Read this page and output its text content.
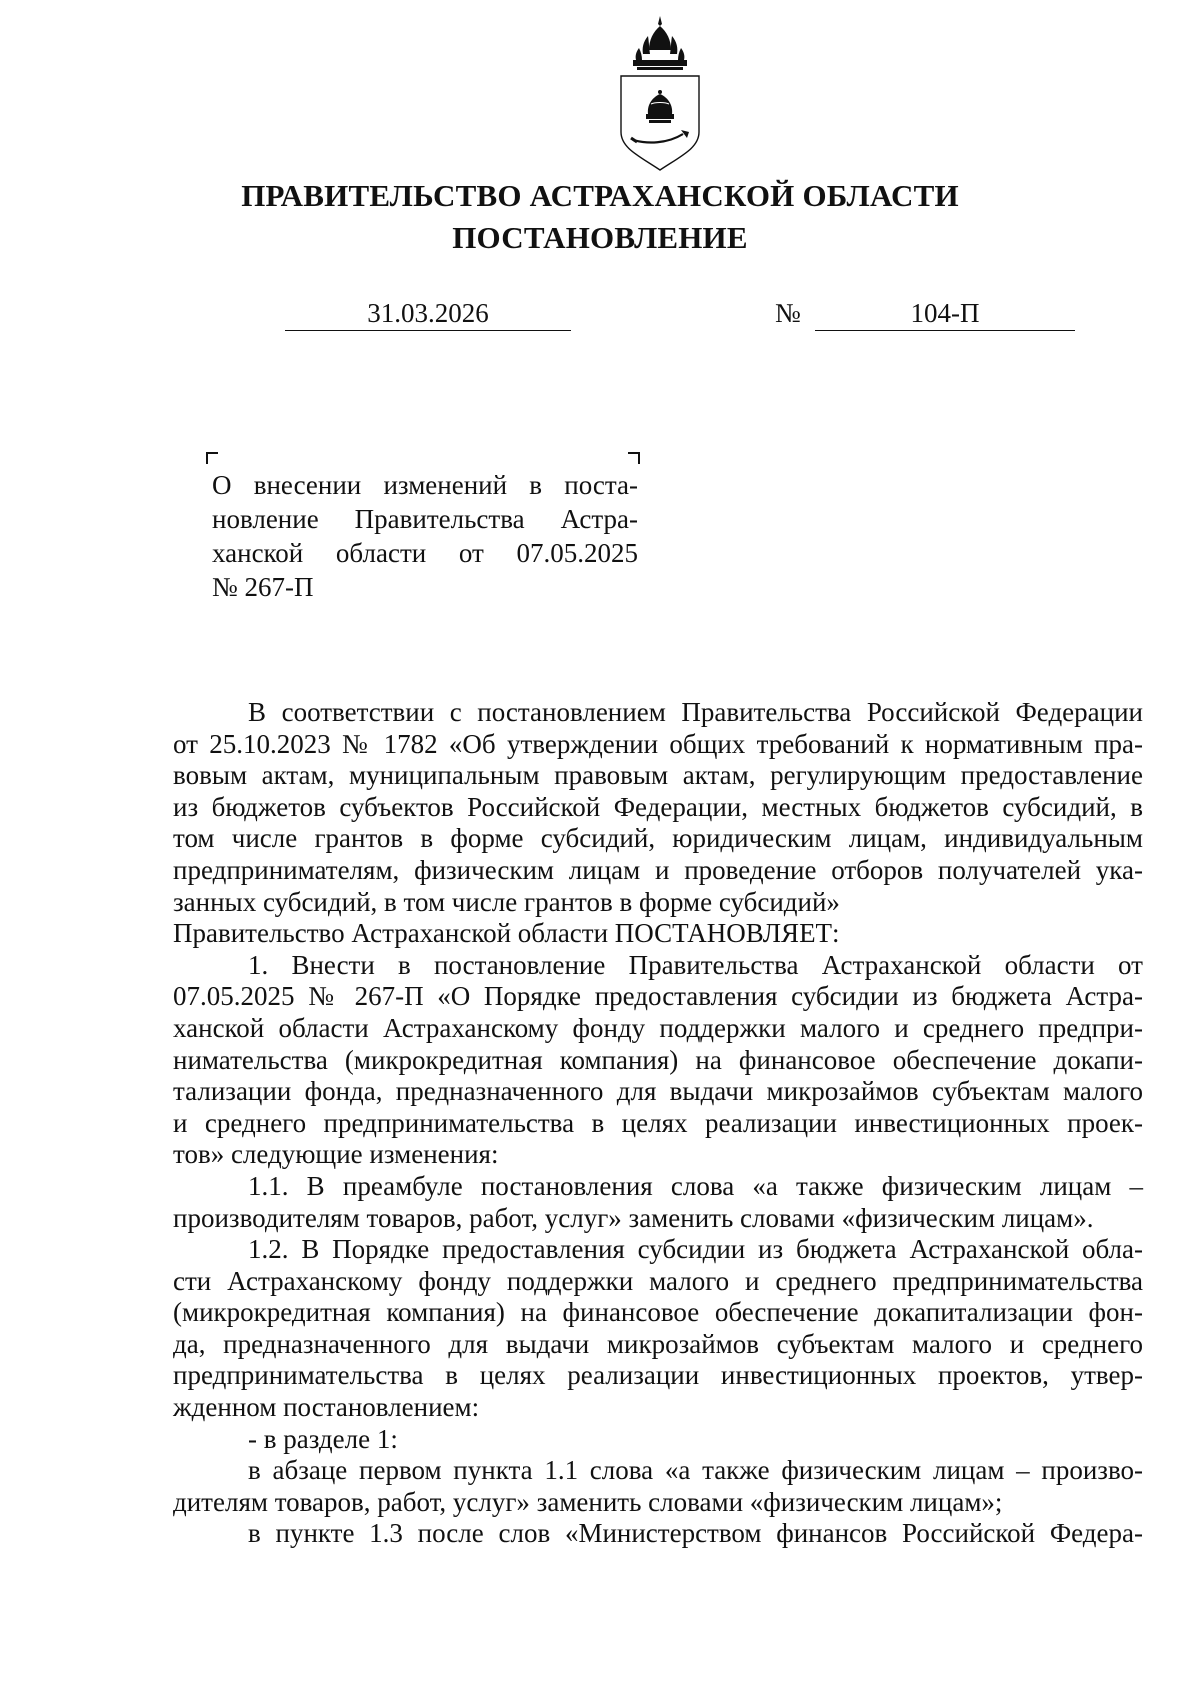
ПРАВИТЕЛЬСТВО АСТРАХАНСКОЙ ОБЛАСТИ
ПОСТАНОВЛЕНИЕ
31.03.2026	№	104-П
О внесении изменений в поста-
новление Правительства Астра-
ханской области от 07.05.2025
№ 267-П
В соответствии с постановлением Правительства Российской Федерации
от 25.10.2023 № 1782 «Об утверждении общих требований к нормативным пра-
вовым актам, муниципальным правовым актам, регулирующим предоставление
из бюджетов субъектов Российской Федерации, местных бюджетов субсидий, в
том числе грантов в форме субсидий, юридическим лицам, индивидуальным
предпринимателям, физическим лицам и проведение отборов получателей ука-
занных субсидий, в том числе грантов в форме субсидий»
Правительство Астраханской области ПОСТАНОВЛЯЕТ:
1. Внести в постановление Правительства Астраханской области от
07.05.2025 № 267-П «О Порядке предоставления субсидии из бюджета Астра-
ханской области Астраханскому фонду поддержки малого и среднего предпри-
нимательства (микрокредитная компания) на финансовое обеспечение докапи-
тализации фонда, предназначенного для выдачи микрозаймов субъектам малого
и среднего предпринимательства в целях реализации инвестиционных проек-
тов» следующие изменения:
1.1. В преамбуле постановления слова «а также физическим лицам –
производителям товаров, работ, услуг» заменить словами «физическим лицам».
1.2. В Порядке предоставления субсидии из бюджета Астраханской обла-
сти Астраханскому фонду поддержки малого и среднего предпринимательства
(микрокредитная компания) на финансовое обеспечение докапитализации фон-
да, предназначенного для выдачи микрозаймов субъектам малого и среднего
предпринимательства в целях реализации инвестиционных проектов, утвер-
жденном постановлением:
- в разделе 1:
в абзаце первом пункта 1.1 слова «а также физическим лицам – произво-
дителям товаров, работ, услуг» заменить словами «физическим лицам»;
в пункте 1.3 после слов «Министерством финансов Российской Федера-
